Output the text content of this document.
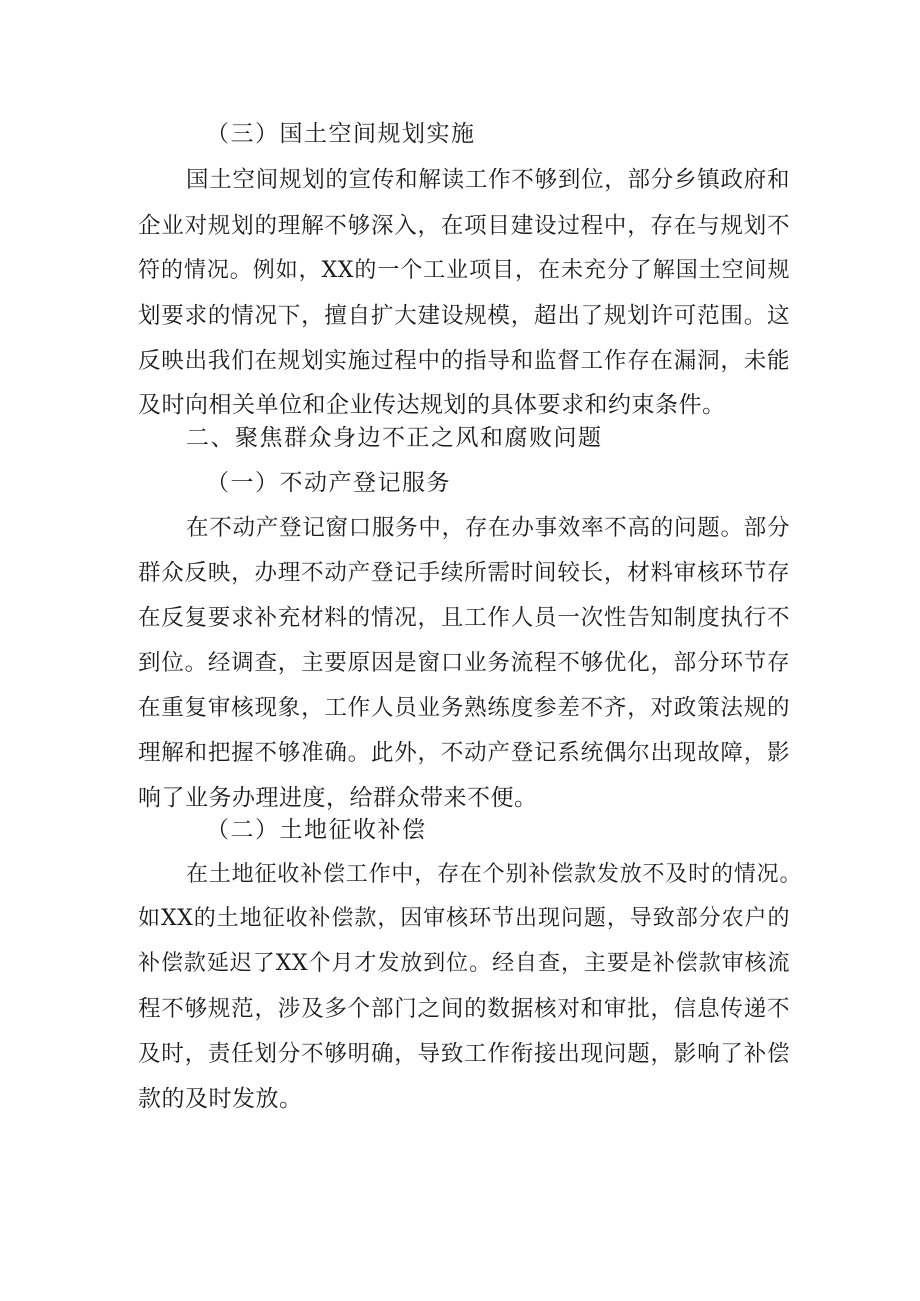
（三）国土空间规划实施
国土空间规划的宣传和解读工作不够到位，部分乡镇政府和
企业对规划的理解不够深入，在项目建设过程中，存在与规划不
符的情况。例如，XX的一个工业项目，在未充分了解国土空间规
划要求的情况下，擅自扩大建设规模，超出了规划许可范围。这
反映出我们在规划实施过程中的指导和监督工作存在漏洞，未能
及时向相关单位和企业传达规划的具体要求和约束条件。
二、聚焦群众身边不正之风和腐败问题
（一）不动产登记服务
在不动产登记窗口服务中，存在办事效率不高的问题。部分
群众反映，办理不动产登记手续所需时间较长，材料审核环节存
在反复要求补充材料的情况，且工作人员一次性告知制度执行不
到位。经调查，主要原因是窗口业务流程不够优化，部分环节存
在重复审核现象，工作人员业务熟练度参差不齐，对政策法规的
理解和把握不够准确。此外，不动产登记系统偶尔出现故障，影
响了业务办理进度，给群众带来不便。
（二）土地征收补偿
在土地征收补偿工作中，存在个别补偿款发放不及时的情况。
如XX的土地征收补偿款，因审核环节出现问题，导致部分农户的
补偿款延迟了XX个月才发放到位。经自查，主要是补偿款审核流
程不够规范，涉及多个部门之间的数据核对和审批，信息传递不
及时，责任划分不够明确，导致工作衔接出现问题，影响了补偿
款的及时发放。
